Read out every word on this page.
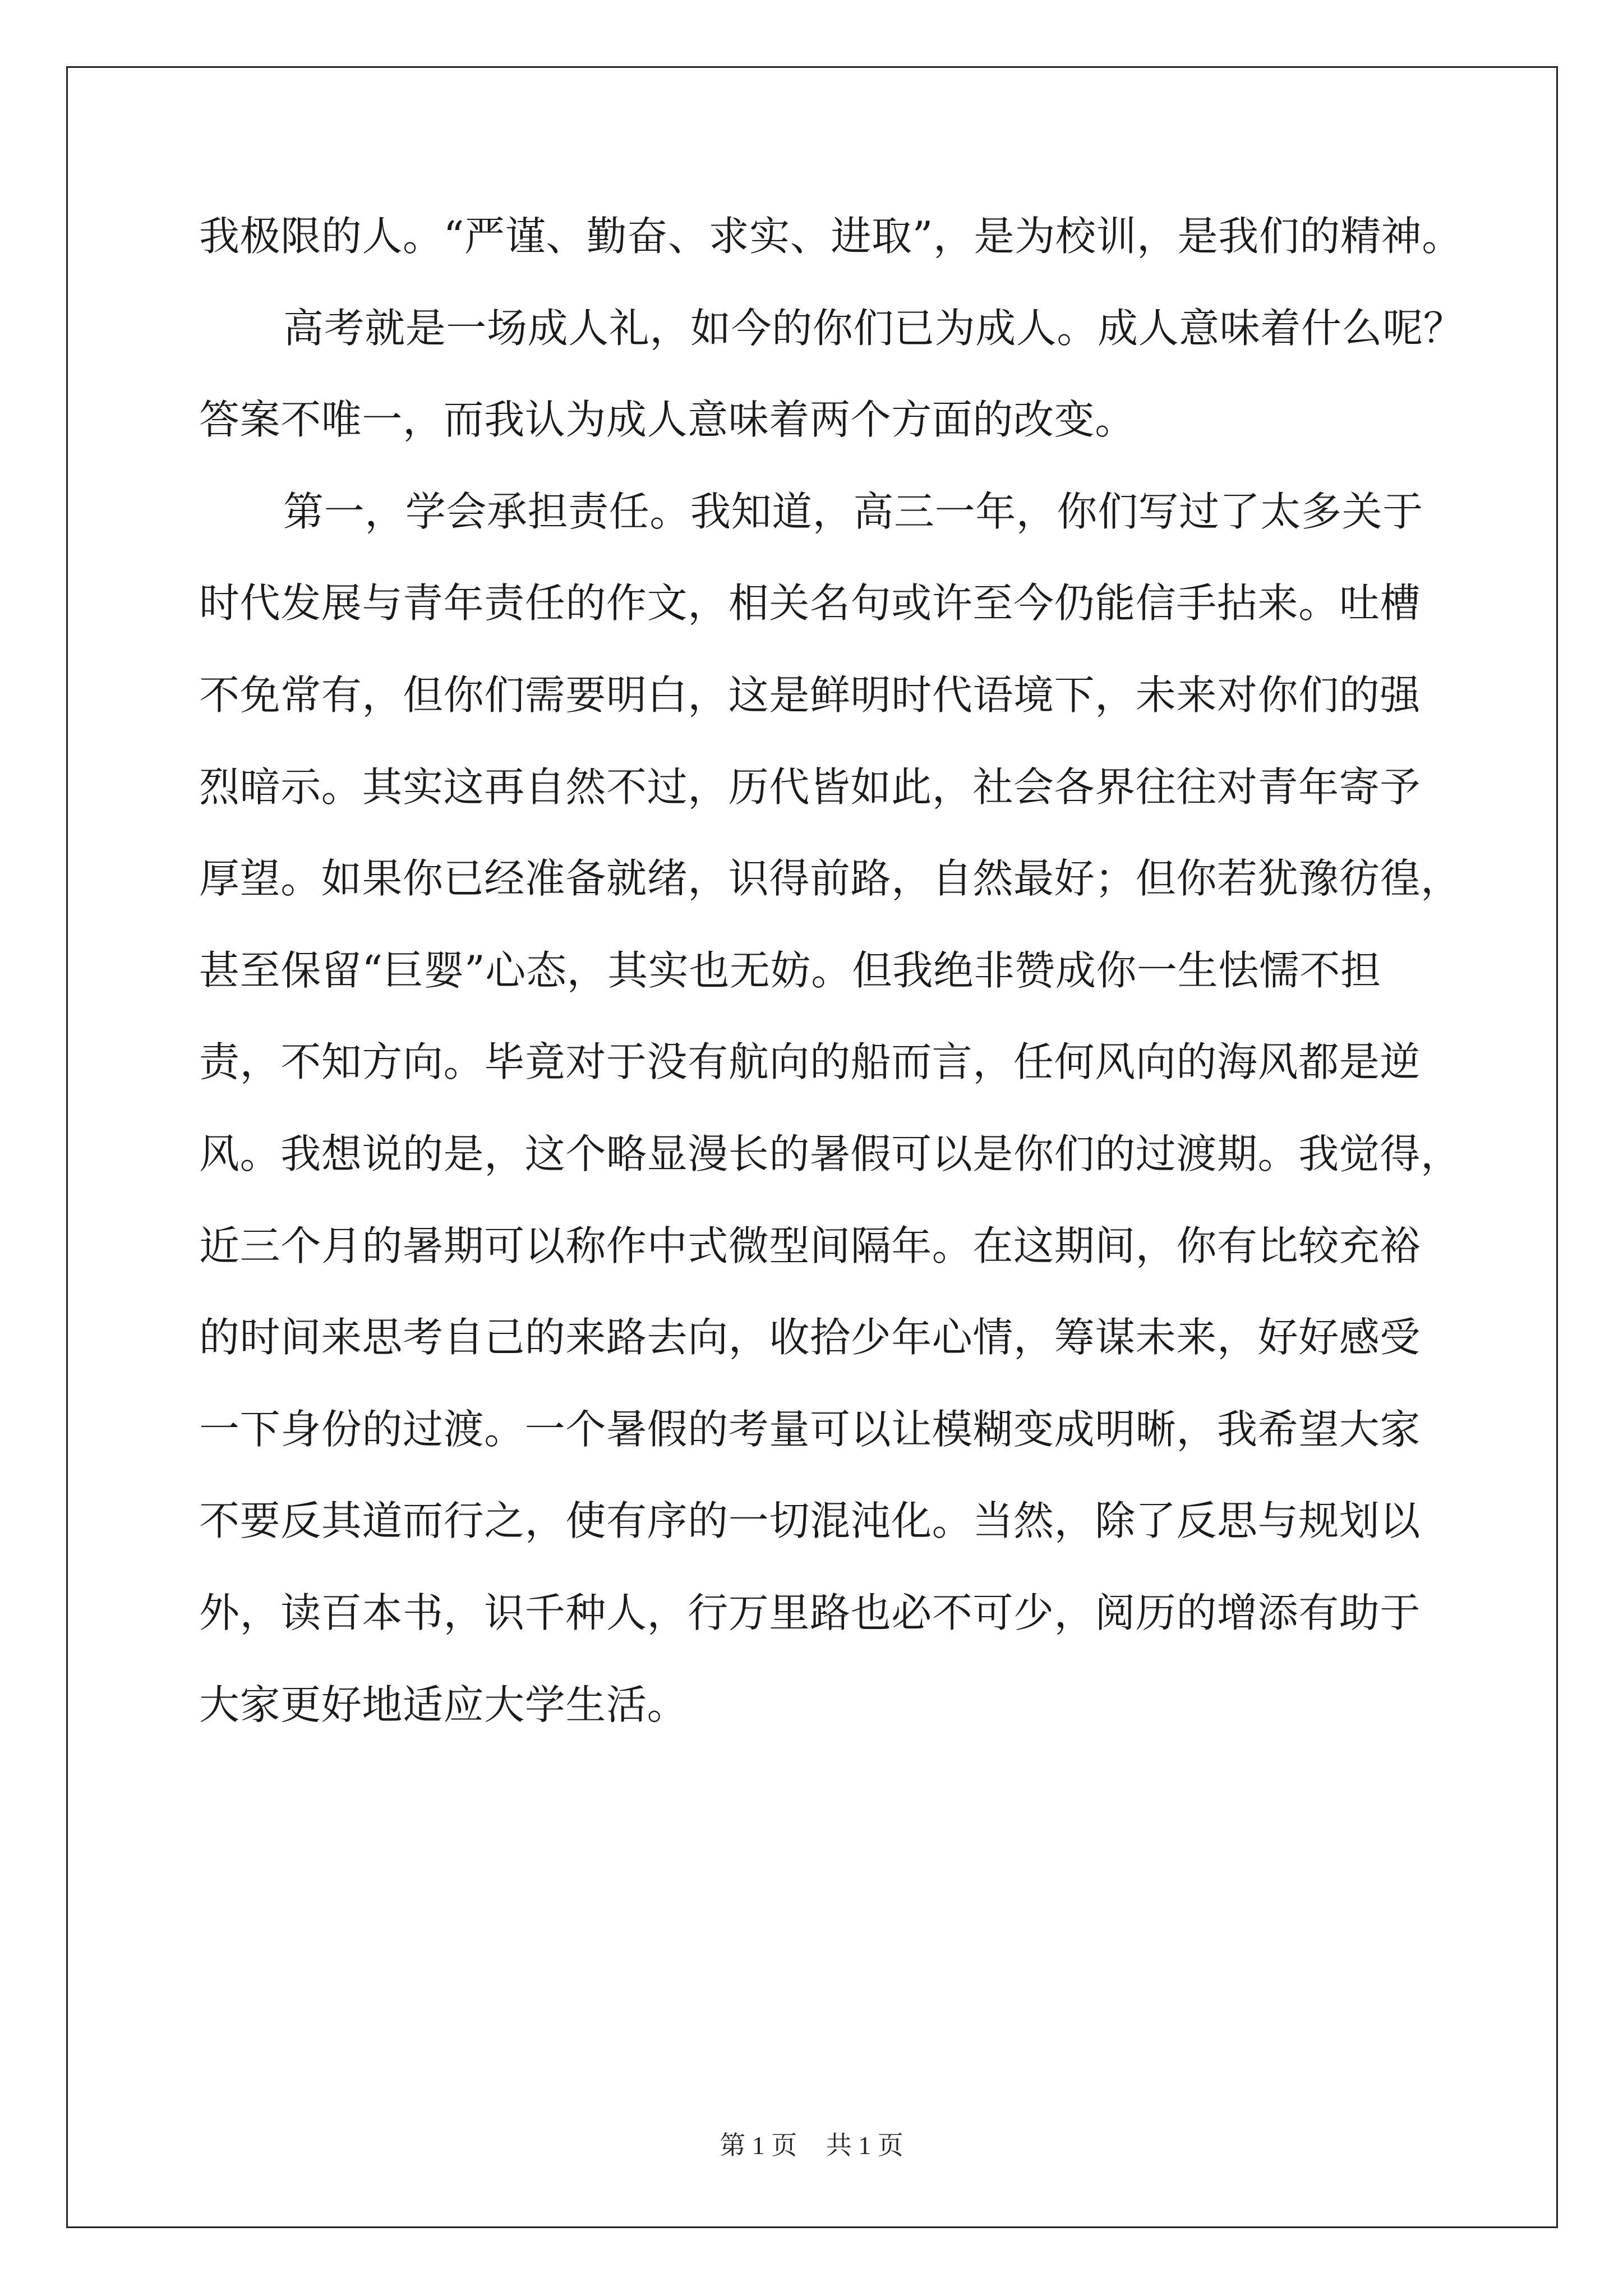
我极限的人。“严谨、勤奋、求实、进取”，是为校训，是我们的精神。
高考就是一场成人礼，如今的你们已为成人。成人意味着什么呢？
答案不唯一，而我认为成人意味着两个方面的改变。
第一，学会承担责任。我知道，高三一年，你们写过了太多关于
时代发展与青年责任的作文，相关名句或许至今仍能信手拈来。吐槽
不免常有，但你们需要明白，这是鲜明时代语境下，未来对你们的强
烈暗示。其实这再自然不过，历代皆如此，社会各界往往对青年寄予
厚望。如果你已经准备就绪，识得前路，自然最好；但你若犹豫彷徨，
甚至保留“巨婴”心态，其实也无妨。但我绝非赞成你一生怯懦不担
责，不知方向。毕竟对于没有航向的船而言，任何风向的海风都是逆
风。我想说的是，这个略显漫长的暑假可以是你们的过渡期。我觉得，
近三个月的暑期可以称作中式微型间隔年。在这期间，你有比较充裕
的时间来思考自己的来路去向，收拾少年心情，筹谋未来，好好感受
一下身份的过渡。一个暑假的考量可以让模糊变成明晰，我希望大家
不要反其道而行之，使有序的一切混沌化。当然，除了反思与规划以
外，读百本书，识千种人，行万里路也必不可少，阅历的增添有助于
大家更好地适应大学生活。
第 1 页 共 1 页
